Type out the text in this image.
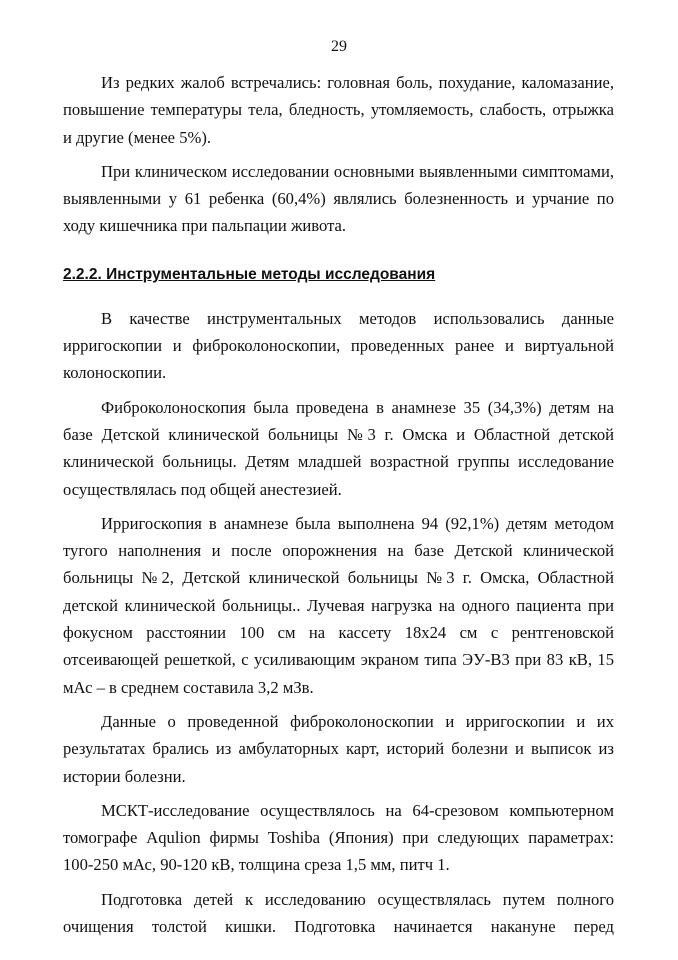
29

Из редких жалоб встречались: головная боль, похудание, каломазание, повышение температуры тела, бледность, утомляемость, слабость, отрыжка и другие (менее 5%).

При клиническом исследовании основными выявленными симптомами, выявленными у 61 ребенка (60,4%) являлись болезненность и урчание по ходу кишечника при пальпации живота.

2.2.2. Инструментальные методы исследования

В качестве инструментальных методов использовались данные ирригоскопии и фиброколоноскопии, проведенных ранее и виртуальной колоноскопии.

Фиброколоноскопия была проведена в анамнезе 35 (34,3%) детям на базе Детской клинической больницы №3 г. Омска и Областной детской клинической больницы. Детям младшей возрастной группы исследование осуществлялась под общей анестезией.

Ирригоскопия в анамнезе была выполнена 94 (92,1%) детям методом тугого наполнения и после опорожнения на базе Детской клинической больницы №2, Детской клинической больницы №3 г. Омска, Областной детской клинической больницы.. Лучевая нагрузка на одного пациента при фокусном расстоянии 100 см на кассету 18х24 см с рентгеновской отсеивающей решеткой, с усиливающим экраном типа ЭУ-В3 при 83 кВ, 15 мАс – в среднем составила 3,2 мЗв.

Данные о проведенной фиброколоноскопии и ирригоскопии и их результатах брались из амбулаторных карт, историй болезни и выписок из истории болезни.

МСКТ-исследование осуществлялось на 64-срезовом компьютерном томографе Aqulion фирмы Toshiba (Япония) при следующих параметрах: 100-250 мАс, 90-120 кВ, толщина среза 1,5 мм, питч 1.

Подготовка детей к исследованию осуществлялась путем полного очищения толстой кишки. Подготовка начинается накануне перед
